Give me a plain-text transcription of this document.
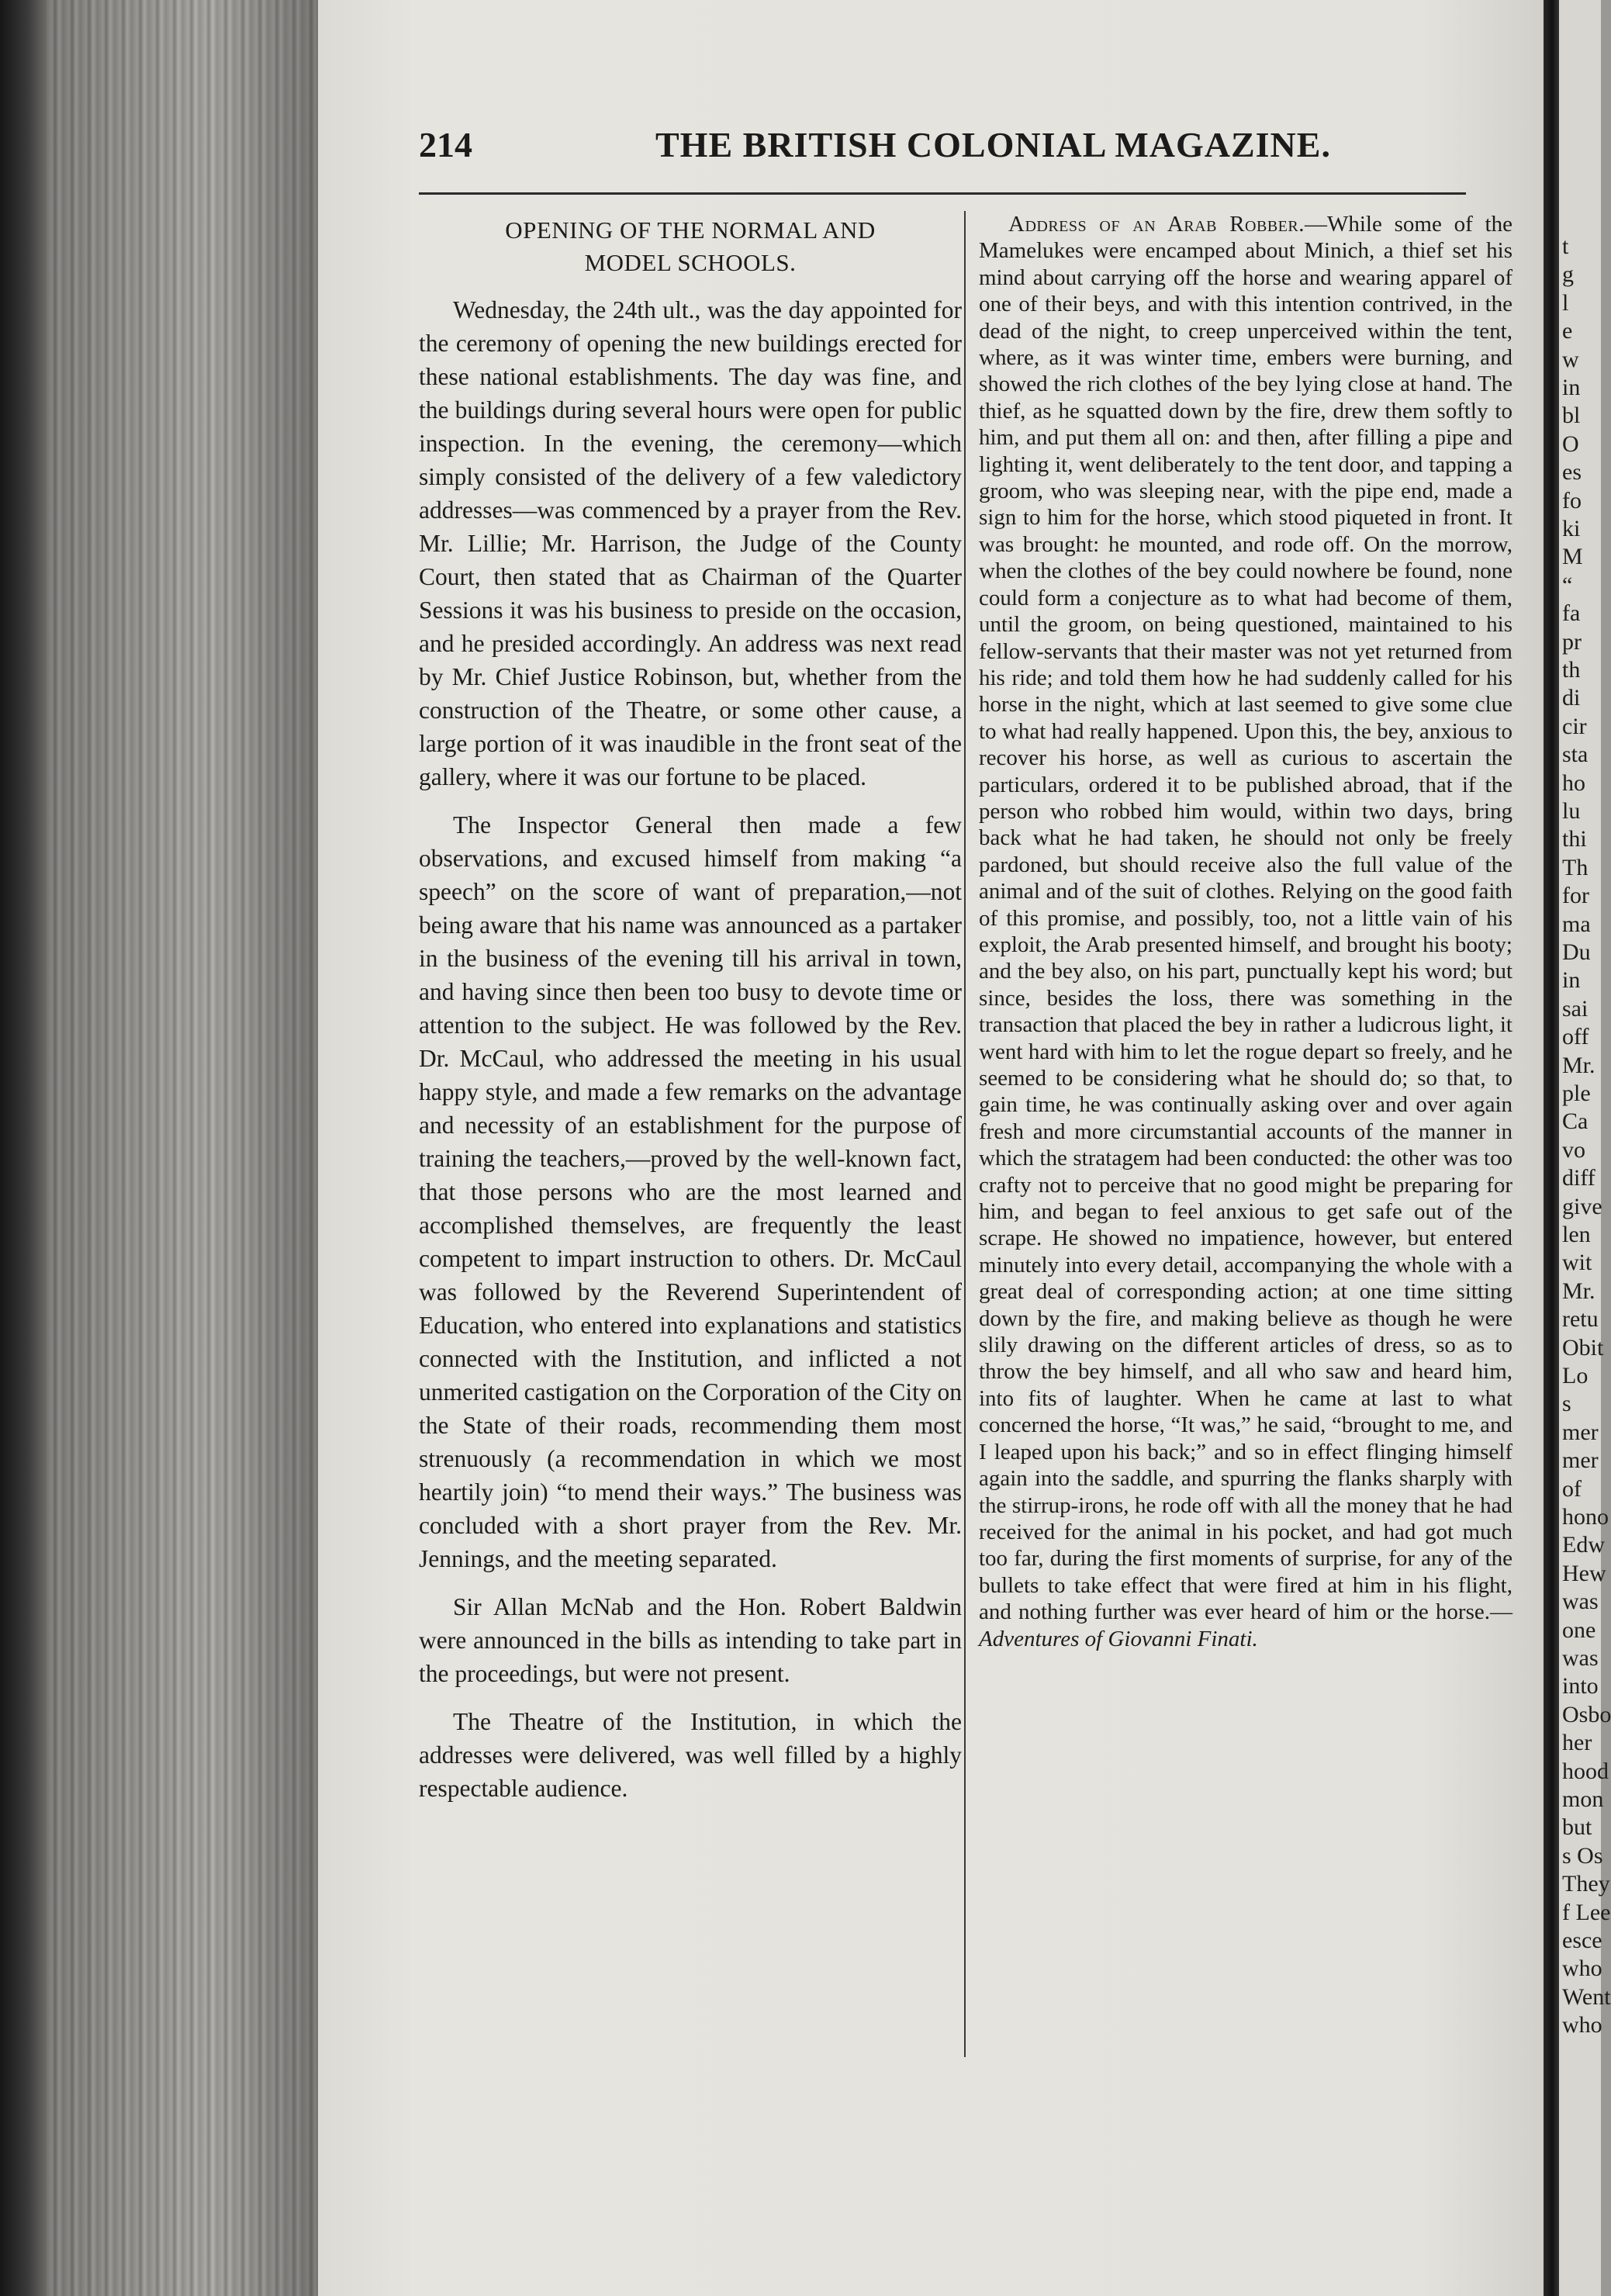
t
g
l
e
w
in
bl
O
es
fo
ki
M
“
fa
pr
th
di
cir
sta
ho
lu
thi
Th
for
ma
Du
in
sai
off
Mr.
ple
Ca
vo
diff
give
len
wit
Mr.
retu
Obit
Lo
s
mer
mer
of
hono
Edw
Hew
was
one
was
into
Osbo
her
hood
mon
but
s Os
They
f Lee
esce
who
Went
who
214	THE BRITISH COLONIAL MAGAZINE.
OPENING OF THE NORMAL AND
MODEL SCHOOLS.

Wednesday, the 24th ult., was the day appointed for the ceremony of opening the new buildings erected for these national establishments. The day was fine, and the buildings during several hours were open for public inspection. In the evening, the ceremony—which simply consisted of the delivery of a few valedictory addresses—was commenced by a prayer from the Rev. Mr. Lillie; Mr. Harrison, the Judge of the County Court, then stated that as Chairman of the Quarter Sessions it was his business to preside on the occasion, and he presided accordingly. An address was next read by Mr. Chief Justice Robinson, but, whether from the construction of the Theatre, or some other cause, a large portion of it was inaudible in the front seat of the gallery, where it was our fortune to be placed.

The Inspector General then made a few observations, and excused himself from making “a speech” on the score of want of preparation,—not being aware that his name was announced as a partaker in the business of the evening till his arrival in town, and having since then been too busy to devote time or attention to the subject. He was followed by the Rev. Dr. McCaul, who addressed the meeting in his usual happy style, and made a few remarks on the advantage and necessity of an establishment for the purpose of training the teachers,—proved by the well-known fact, that those persons who are the most learned and accomplished themselves, are frequently the least competent to impart instruction to others. Dr. McCaul was followed by the Reverend Superintendent of Education, who entered into explanations and statistics connected with the Institution, and inflicted a not unmerited castigation on the Corporation of the City on the State of their roads, recommending them most strenuously (a recommendation in which we most heartily join) “to mend their ways.” The business was concluded with a short prayer from the Rev. Mr. Jennings, and the meeting separated.

Sir Allan McNab and the Hon. Robert Baldwin were announced in the bills as intending to take part in the proceedings, but were not present.

The Theatre of the Institution, in which the addresses were delivered, was well filled by a highly respectable audience.

Address of an Arab Robber.—While some of the Mamelukes were encamped about Minich, a thief set his mind about carrying off the horse and wearing apparel of one of their beys, and with this intention contrived, in the dead of the night, to creep unperceived within the tent, where, as it was winter time, embers were burning, and showed the rich clothes of the bey lying close at hand. The thief, as he squatted down by the fire, drew them softly to him, and put them all on: and then, after filling a pipe and lighting it, went deliberately to the tent door, and tapping a groom, who was sleeping near, with the pipe end, made a sign to him for the horse, which stood piqueted in front. It was brought: he mounted, and rode off. On the morrow, when the clothes of the bey could nowhere be found, none could form a conjecture as to what had become of them, until the groom, on being questioned, maintained to his fellow-servants that their master was not yet returned from his ride; and told them how he had suddenly called for his horse in the night, which at last seemed to give some clue to what had really happened. Upon this, the bey, anxious to recover his horse, as well as curious to ascertain the particulars, ordered it to be published abroad, that if the person who robbed him would, within two days, bring back what he had taken, he should not only be freely pardoned, but should receive also the full value of the animal and of the suit of clothes. Relying on the good faith of this promise, and possibly, too, not a little vain of his exploit, the Arab presented himself, and brought his booty; and the bey also, on his part, punctually kept his word; but since, besides the loss, there was something in the transaction that placed the bey in rather a ludicrous light, it went hard with him to let the rogue depart so freely, and he seemed to be considering what he should do; so that, to gain time, he was continually asking over and over again fresh and more circumstantial accounts of the manner in which the stratagem had been conducted: the other was too crafty not to perceive that no good might be preparing for him, and began to feel anxious to get safe out of the scrape. He showed no impatience, however, but entered minutely into every detail, accompanying the whole with a great deal of corresponding action; at one time sitting down by the fire, and making believe as though he were slily drawing on the different articles of dress, so as to throw the bey himself, and all who saw and heard him, into fits of laughter. When he came at last to what concerned the horse, “It was,” he said, “brought to me, and I leaped upon his back;” and so in effect flinging himself again into the saddle, and spurring the flanks sharply with the stirrup-irons, he rode off with all the money that he had received for the animal in his pocket, and had got much too far, during the first moments of surprise, for any of the bullets to take effect that were fired at him in his flight, and nothing further was ever heard of him or the horse.—Adventures of Giovanni Finati.
